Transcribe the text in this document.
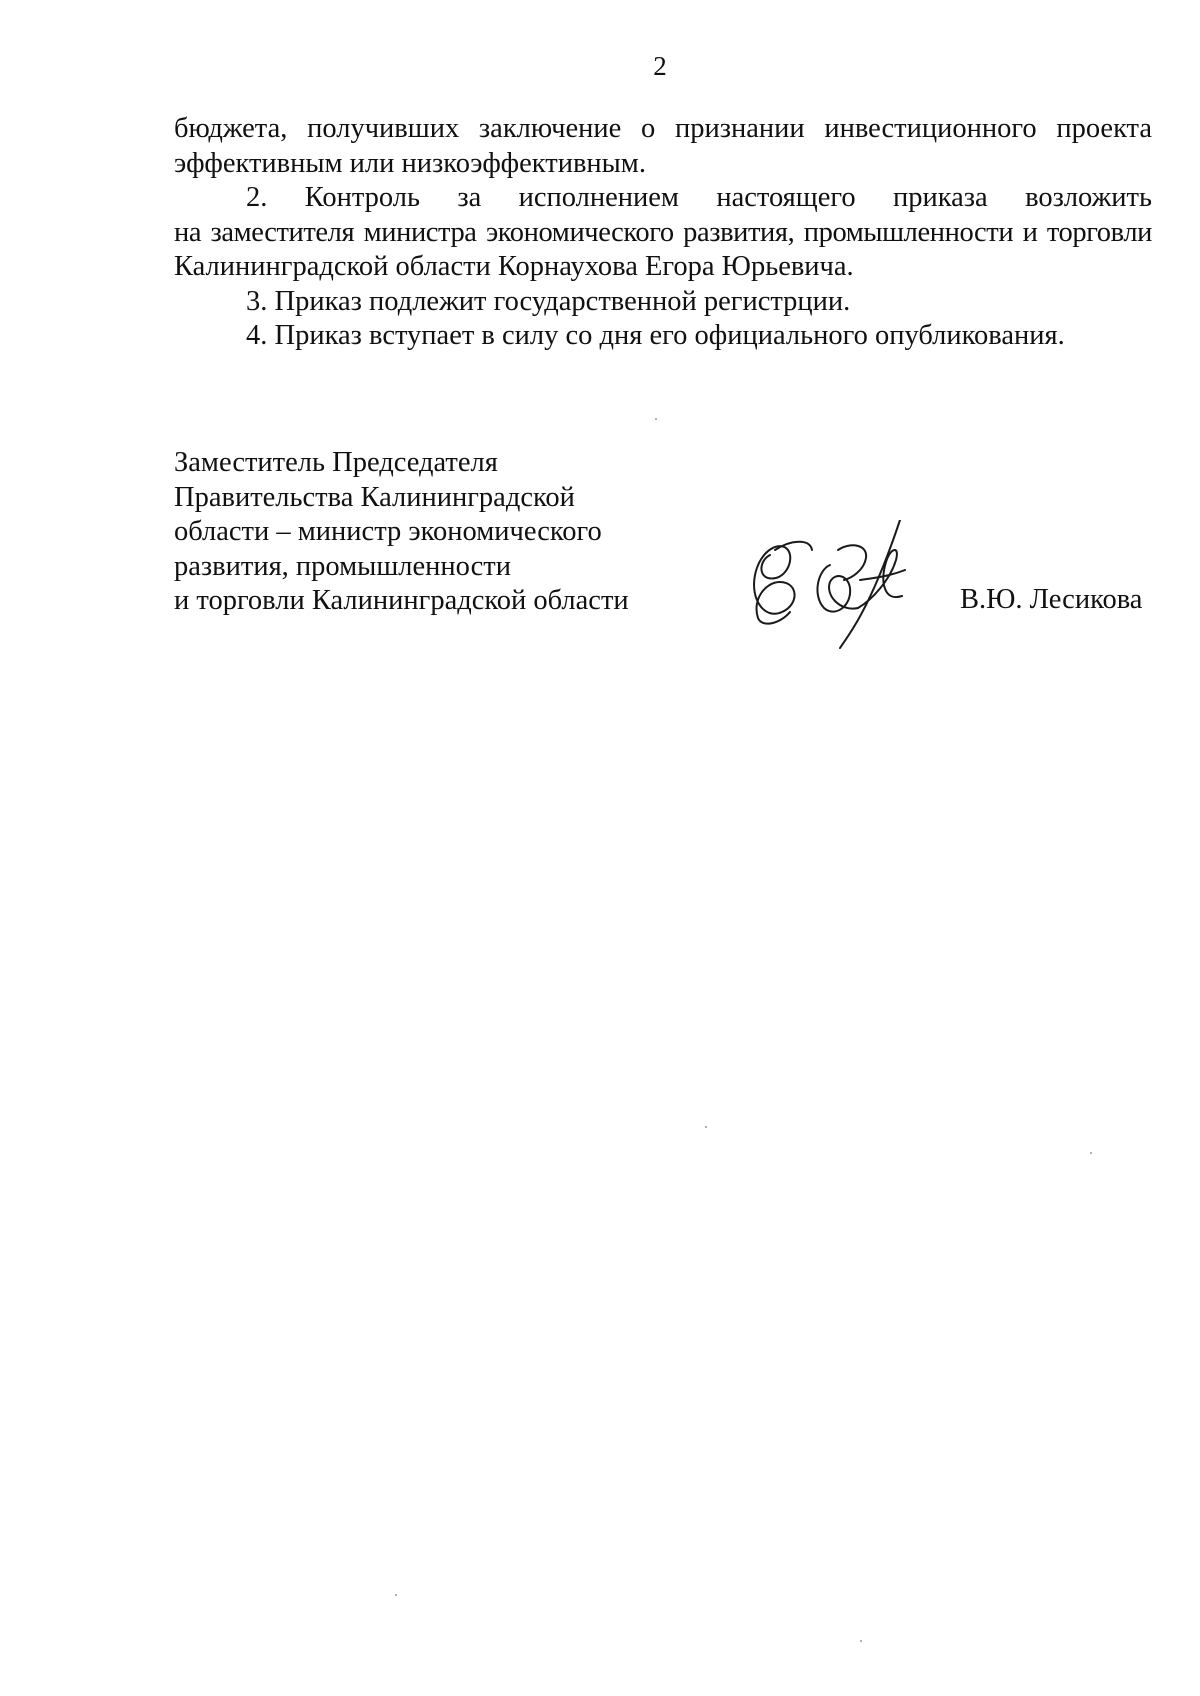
2

бюджета, получивших заключение о признании инвестиционного проекта

эффективным или низкоэффективным.

2. Контроль за исполнением настоящего приказа возложить

на заместителя министра экономического развития, промышленности и торговли

Калининградской области Корнаухова Егора Юрьевича.

3. Приказ подлежит государственной регистрции.

4. Приказ вступает в силу со дня его официального опубликования.

Заместитель Председателя
Правительства Калининградской
области – министр экономического
развития, промышленности
и торговли Калининградской области	В.Ю. Лесикова
